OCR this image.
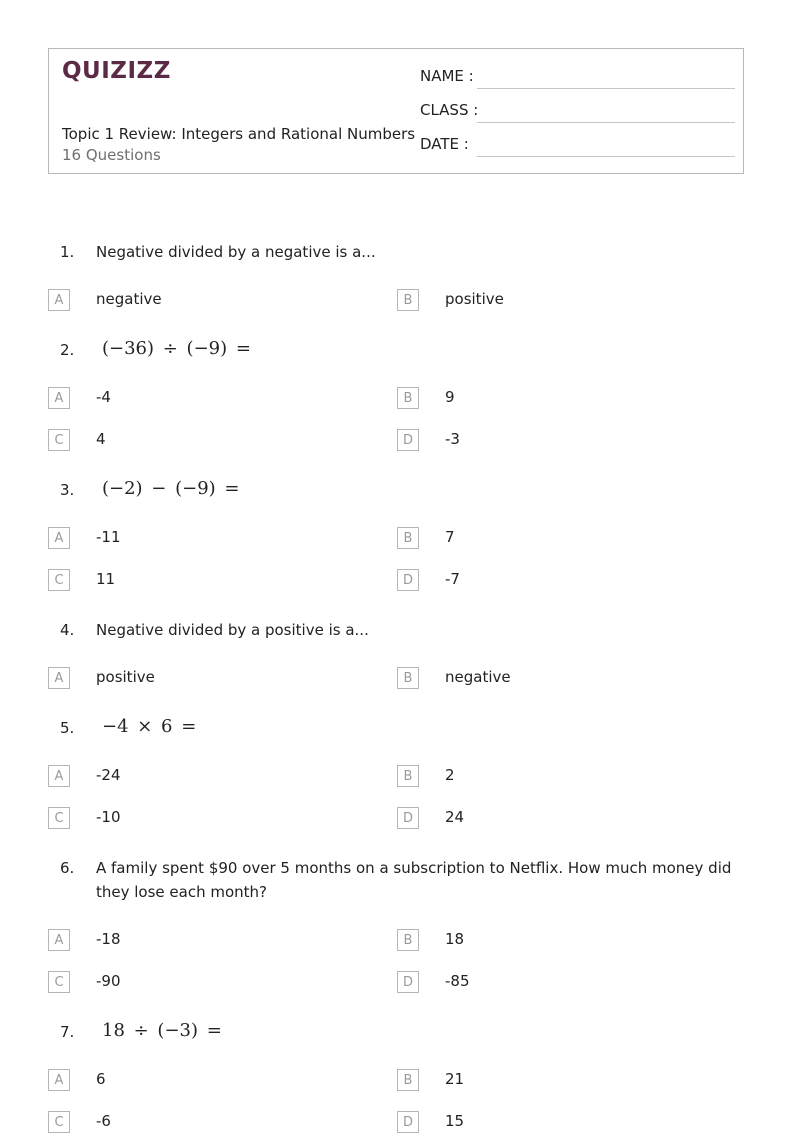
QUIZIZZ
Topic 1 Review: Integers and Rational Numbers
16 Questions
NAME :
CLASS :
DATE :
1. Negative divided by a negative is a...
A	negative	B	positive
2. (−36) ÷ (−9) =
A	-4	B	9
C	4	D	-3
3. (−2) − (−9) =
A	-11	B	7
C	11	D	-7
4. Negative divided by a positive is a...
A	positive	B	negative
5. −4 × 6 =
A	-24	B	2
C	-10	D	24
6. A family spent $90 over 5 months on a subscription to Netflix. How much money did they lose each month?
A	-18	B	18
C	-90	D	-85
7. 18 ÷ (−3) =
A	6	B	21
C	-6	D	15
